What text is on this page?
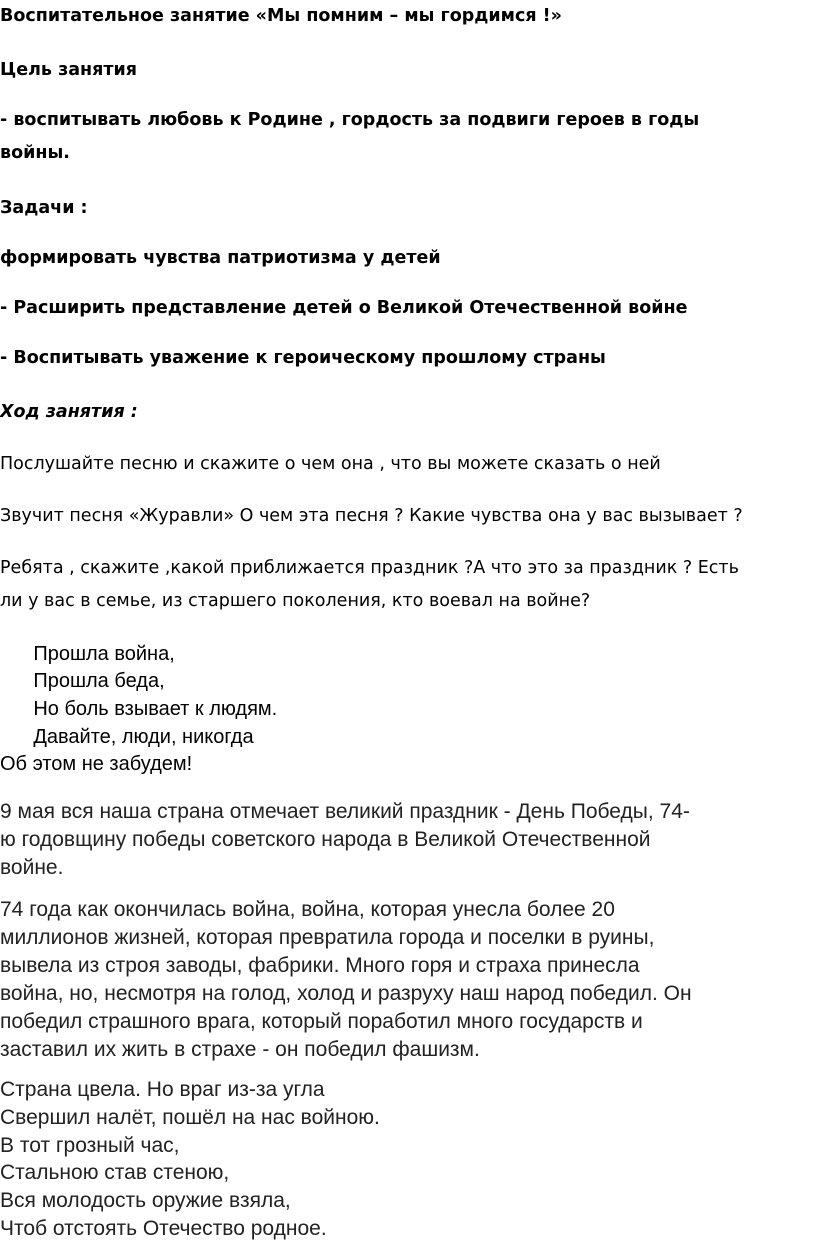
Воспитательное занятие «Мы помним – мы гордимся !»
Цель занятия
- воспитывать любовь к Родине , гордость за подвиги героев в годы
войны.
Задачи :
формировать чувства патриотизма у детей
- Расширить представление детей о Великой Отечественной войне
- Воспитывать уважение к героическому прошлому страны
Ход занятия :
Послушайте песню и скажите о чем она , что вы можете сказать о ней
Звучит песня «Журавли» О чем эта песня ? Какие чувства она у вас вызывает ?
Ребята , скажите ,какой приближается праздник ?А что это за праздник ? Есть
ли у вас в семье, из старшего поколения, кто воевал на войне?
Прошла война,
Прошла беда,
Но боль взывает к людям.
Давайте, люди, никогда
Об этом не забудем!
9 мая вся наша страна отмечает великий праздник - День Победы, 74-
ю годовщину победы советского народа в Великой Отечественной
войне.
74 года как окончилась война, война, которая унесла более 20
миллионов жизней, которая превратила города и поселки в руины,
вывела из строя заводы, фабрики. Много горя и страха принесла
война, но, несмотря на голод, холод и разруху наш народ победил. Он
победил страшного врага, который поработил много государств и
заставил их жить в страхе - он победил фашизм.
Страна цвела. Но враг из-за угла
Свершил налёт, пошёл на нас войною.
В тот грозный час,
Стальною став стеною,
Вся молодость оружие взяла,
Чтоб отстоять Отечество родное.
